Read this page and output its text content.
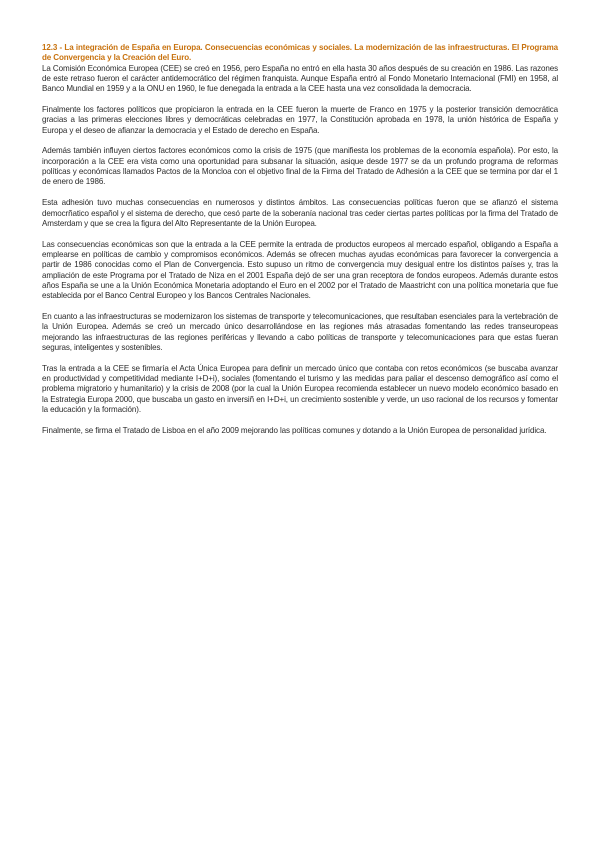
12.3 - La integración de España en Europa. Consecuencias económicas y sociales. La modernización de las infraestructuras. El Programa de Convergencia y la Creación del Euro.

La Comisión Económica Europea (CEE) se creó en 1956, pero España no entró en ella hasta 30 años después de su creación en 1986. Las razones de este retraso fueron el carácter antidemocrático del régimen franquista. Aunque España entró al Fondo Monetario Internacional (FMI) en 1958, al Banco Mundial en 1959 y a la ONU en 1960, le fue denegada la entrada a la CEE hasta una vez consolidada la democracia.

Finalmente los factores políticos que propiciaron la entrada en la CEE fueron la muerte de Franco en 1975 y la posterior transición democrática gracias a las primeras elecciones libres y democráticas celebradas en 1977, la Constitución aprobada en 1978, la unión histórica de España y Europa y el deseo de afianzar la democracia y el Estado de derecho en España.

Además también influyen ciertos factores económicos como la crisis de 1975 (que manifiesta los problemas de la economía española). Por esto, la incorporación a la CEE era vista como una oportunidad para subsanar la situación, asique desde 1977 se da un profundo programa de reformas políticas y económicas llamados Pactos de la Moncloa con el objetivo final de la Firma del Tratado de Adhesión a la CEE que se termina por dar el 1 de enero de 1986.

Esta adhesión tuvo muchas consecuencias en numerosos y distintos ámbitos. Las consecuencias políticas fueron que se afianzó el sistema democrñatico español y el sistema de derecho, que cesó parte de la soberanía nacional tras ceder ciertas partes políticas por la firma del Tratado de Amsterdam y que se crea la figura del Alto Representante de la Unión Europea.

Las consecuencias económicas son que la entrada a la CEE permite la entrada de productos europeos al mercado español, obligando a España a emplearse en políticas de cambio y compromisos económicos. Además se ofrecen muchas ayudas económicas para favorecer la convergencia a partir de 1986 conocidas como el Plan de Convergencia. Esto supuso un ritmo de convergencia muy desigual entre los distintos países y, tras la ampliación de este Programa por el Tratado de Niza en el 2001 España dejó de ser una gran receptora de fondos europeos. Además durante estos años España se une a la Unión Económica Monetaria adoptando el Euro en el 2002 por el Tratado de Maastricht con una política monetaria que fue establecida por el Banco Central Europeo y los Bancos Centrales Nacionales.

En cuanto a las infraestructuras se modernizaron los sistemas de transporte y telecomunicaciones, que resultaban esenciales para la vertebración de la Unión Europea. Además se creó un mercado único desarrollándose en las regiones más atrasadas fomentando las redes transeuropeas mejorando las infraestructuras de las regiones periféricas y llevando a cabo políticas de transporte y telecomunicaciones para que estas fueran seguras, inteligentes y sostenibles.

Tras la entrada a la CEE se firmaría el Acta Única Europea para definir un mercado único que contaba con retos económicos (se buscaba avanzar en productividad y competitividad mediante I+D+i), sociales (fomentando el turismo y las medidas para paliar el descenso demográfico así como el problema migratorio y humanitario) y la crisis de 2008 (por la cual la Unión Europea recomienda establecer un nuevo modelo económico basado en la Estrategia Europa 2000, que buscaba un gasto en inversiñ en I+D+i, un crecimiento sostenible y verde, un uso racional de los recursos y fomentar la educación y la formación).

Finalmente, se firma el Tratado de Lisboa en el año 2009 mejorando las políticas comunes y dotando a la Unión Europea de personalidad jurídica.
